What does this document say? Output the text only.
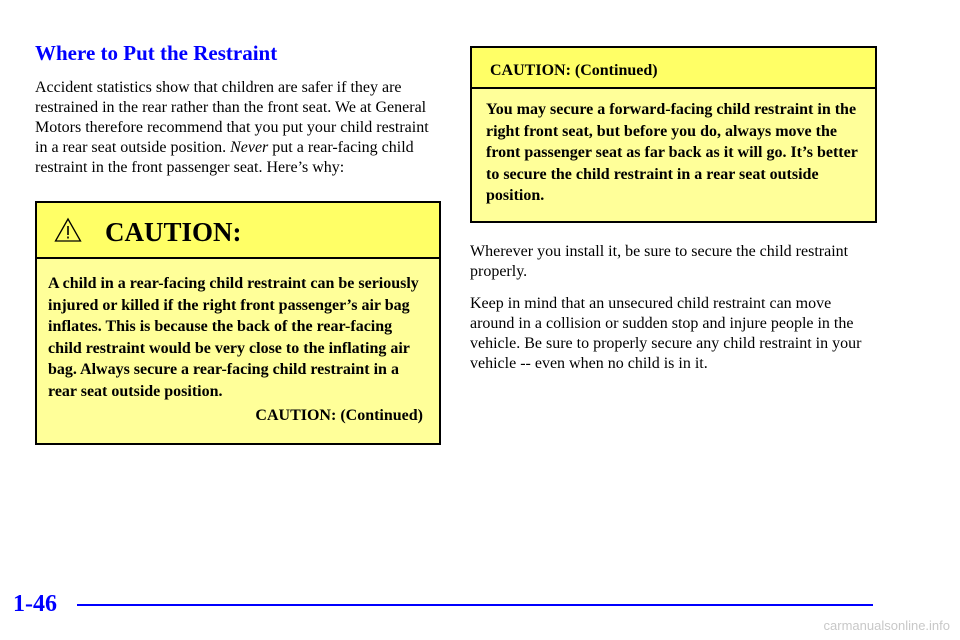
Where to Put the Restraint

Accident statistics show that children are safer if they are restrained in the rear rather than the front seat. We at General Motors therefore recommend that you put your child restraint in a rear seat outside position. Never put a rear-facing child restraint in the front passenger seat. Here’s why:

CAUTION:
A child in a rear-facing child restraint can be seriously injured or killed if the right front passenger’s air bag inflates. This is because the back of the rear-facing child restraint would be very close to the inflating air bag. Always secure a rear-facing child restraint in a rear seat outside position.
CAUTION: (Continued)
CAUTION: (Continued)
You may secure a forward-facing child restraint in the right front seat, but before you do, always move the front passenger seat as far back as it will go. It’s better to secure the child restraint in a rear seat outside position.

Wherever you install it, be sure to secure the child restraint properly.

Keep in mind that an unsecured child restraint can move around in a collision or sudden stop and injure people in the vehicle. Be sure to properly secure any child restraint in your vehicle -- even when no child is in it.

1-46
carmanualsonline.info
